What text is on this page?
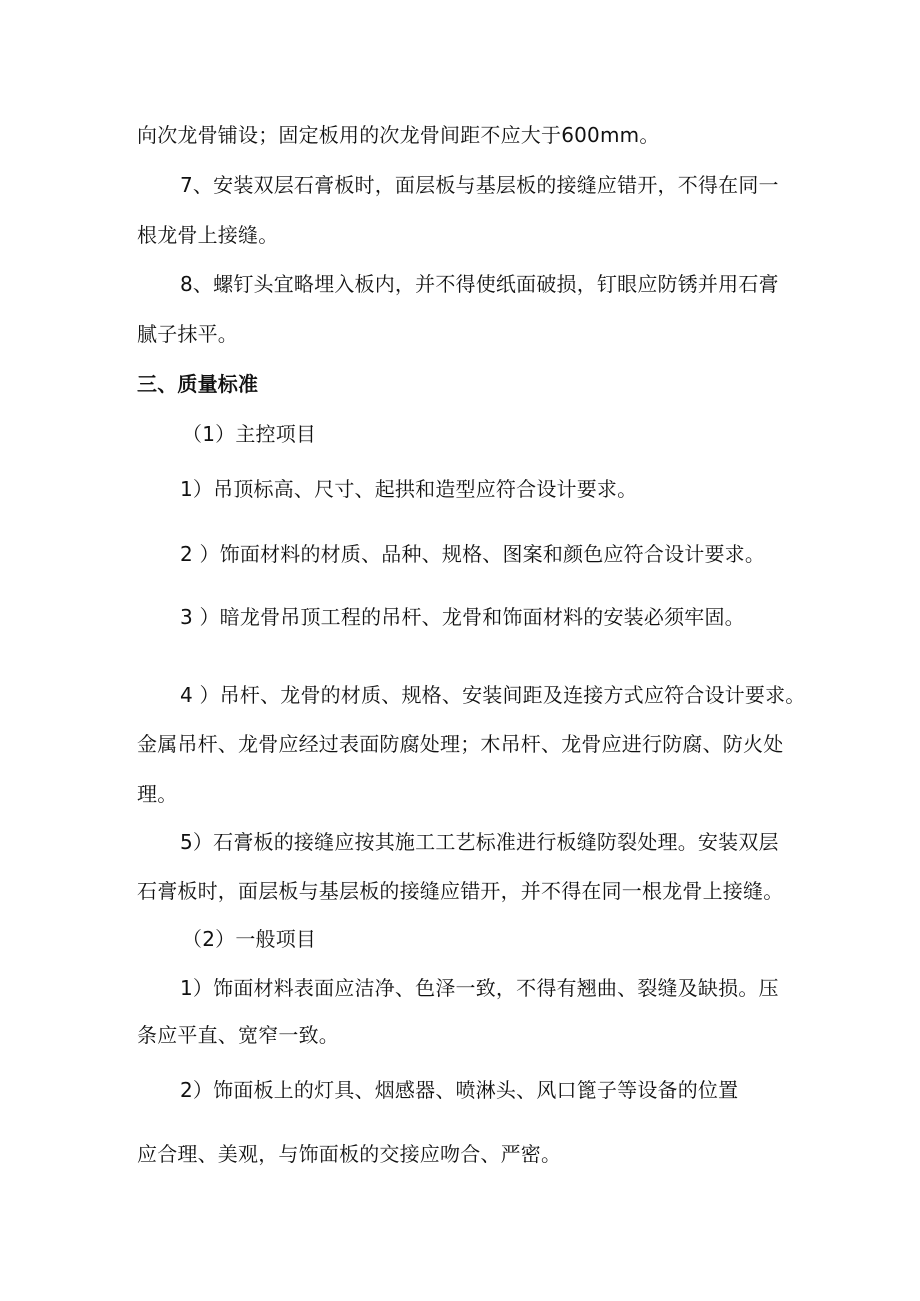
向次龙骨铺设；固定板用的次龙骨间距不应大于600mm。
7、安装双层石膏板时，面层板与基层板的接缝应错开，不得在同一
根龙骨上接缝。
8、螺钉头宜略埋入板内，并不得使纸面破损，钉眼应防锈并用石膏
腻子抹平。
三、质量标准
（1）主控项目
1）吊顶标高、尺寸、起拱和造型应符合设计要求。
2 ）饰面材料的材质、品种、规格、图案和颜色应符合设计要求。
3 ）暗龙骨吊顶工程的吊杆、龙骨和饰面材料的安装必须牢固。
4 ）吊杆、龙骨的材质、规格、安装间距及连接方式应符合设计要求。
金属吊杆、龙骨应经过表面防腐处理；木吊杆、龙骨应进行防腐、防火处
理。
5）石膏板的接缝应按其施工工艺标准进行板缝防裂处理。安装双层
石膏板时，面层板与基层板的接缝应错开，并不得在同一根龙骨上接缝。
（2）一般项目
1）饰面材料表面应洁净、色泽一致，不得有翘曲、裂缝及缺损。压
条应平直、宽窄一致。
2）饰面板上的灯具、烟感器、喷淋头、风口篦子等设备的位置
应合理、美观，与饰面板的交接应吻合、严密。
